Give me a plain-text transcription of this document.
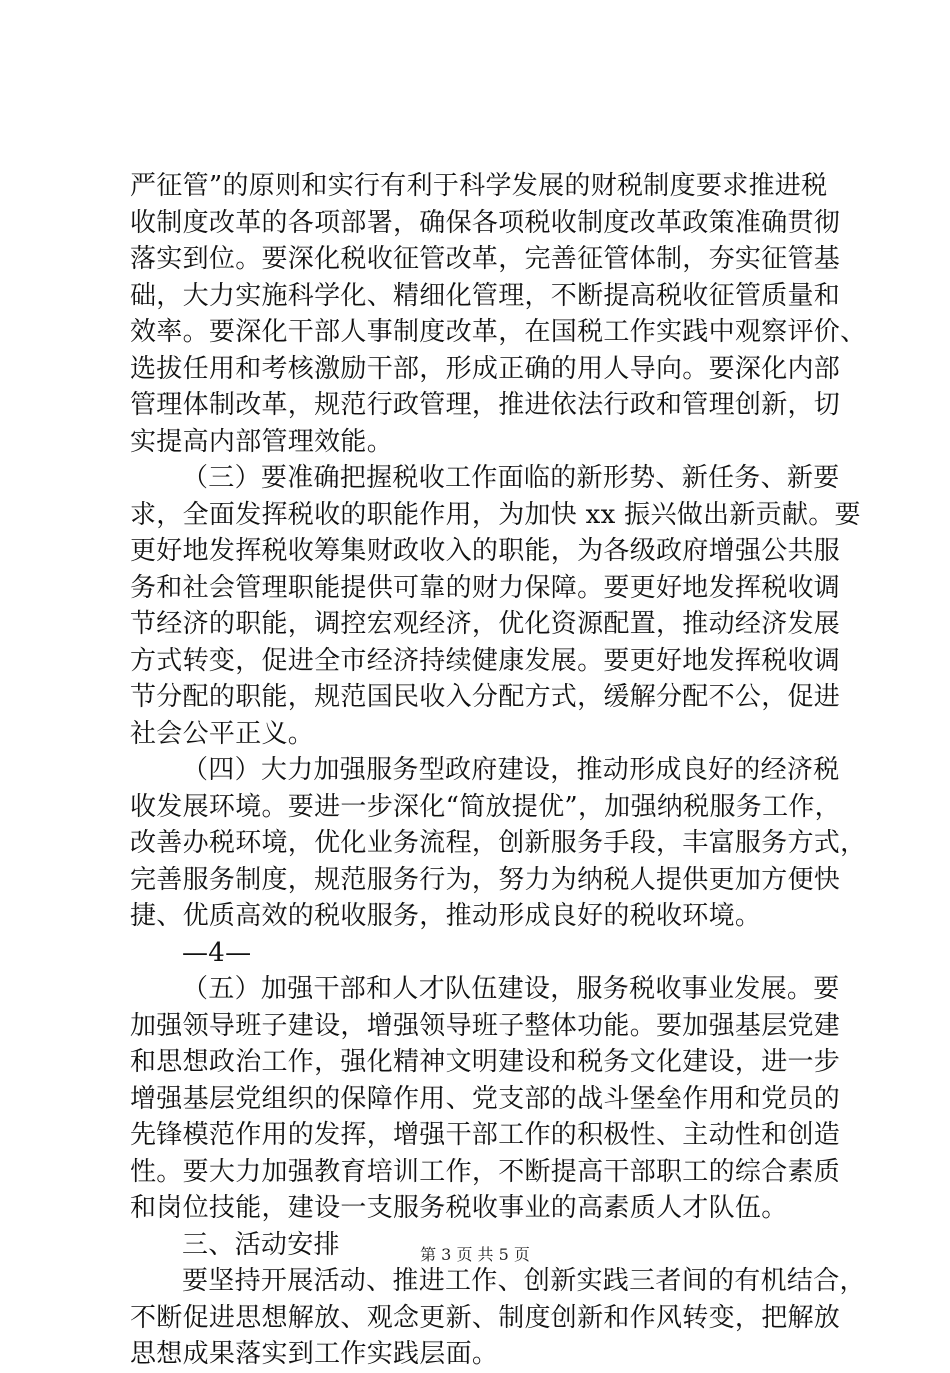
严征管”的原则和实行有利于科学发展的财税制度要求推进税
收制度改革的各项部署，确保各项税收制度改革政策准确贯彻
落实到位。要深化税收征管改革，完善征管体制，夯实征管基
础，大力实施科学化、精细化管理，不断提高税收征管质量和
效率。要深化干部人事制度改革，在国税工作实践中观察评价、
选拔任用和考核激励干部，形成正确的用人导向。要深化内部
管理体制改革，规范行政管理，推进依法行政和管理创新，切
实提高内部管理效能。
（三）要准确把握税收工作面临的新形势、新任务、新要
求，全面发挥税收的职能作用，为加快 xx 振兴做出新贡献。要
更好地发挥税收筹集财政收入的职能，为各级政府增强公共服
务和社会管理职能提供可靠的财力保障。要更好地发挥税收调
节经济的职能，调控宏观经济，优化资源配置，推动经济发展
方式转变，促进全市经济持续健康发展。要更好地发挥税收调
节分配的职能，规范国民收入分配方式，缓解分配不公，促进
社会公平正义。
（四）大力加强服务型政府建设，推动形成良好的经济税
收发展环境。要进一步深化“简放提优”，加强纳税服务工作，
改善办税环境，优化业务流程，创新服务手段，丰富服务方式，
完善服务制度，规范服务行为，努力为纳税人提供更加方便快
捷、优质高效的税收服务，推动形成良好的税收环境。
—4—
（五）加强干部和人才队伍建设，服务税收事业发展。要
加强领导班子建设，增强领导班子整体功能。要加强基层党建
和思想政治工作，强化精神文明建设和税务文化建设，进一步
增强基层党组织的保障作用、党支部的战斗堡垒作用和党员的
先锋模范作用的发挥，增强干部工作的积极性、主动性和创造
性。要大力加强教育培训工作，不断提高干部职工的综合素质
和岗位技能，建设一支服务税收事业的高素质人才队伍。
三、活动安排
要坚持开展活动、推进工作、创新实践三者间的有机结合，
不断促进思想解放、观念更新、制度创新和作风转变，把解放
思想成果落实到工作实践层面。
第 3 页 共 5 页
